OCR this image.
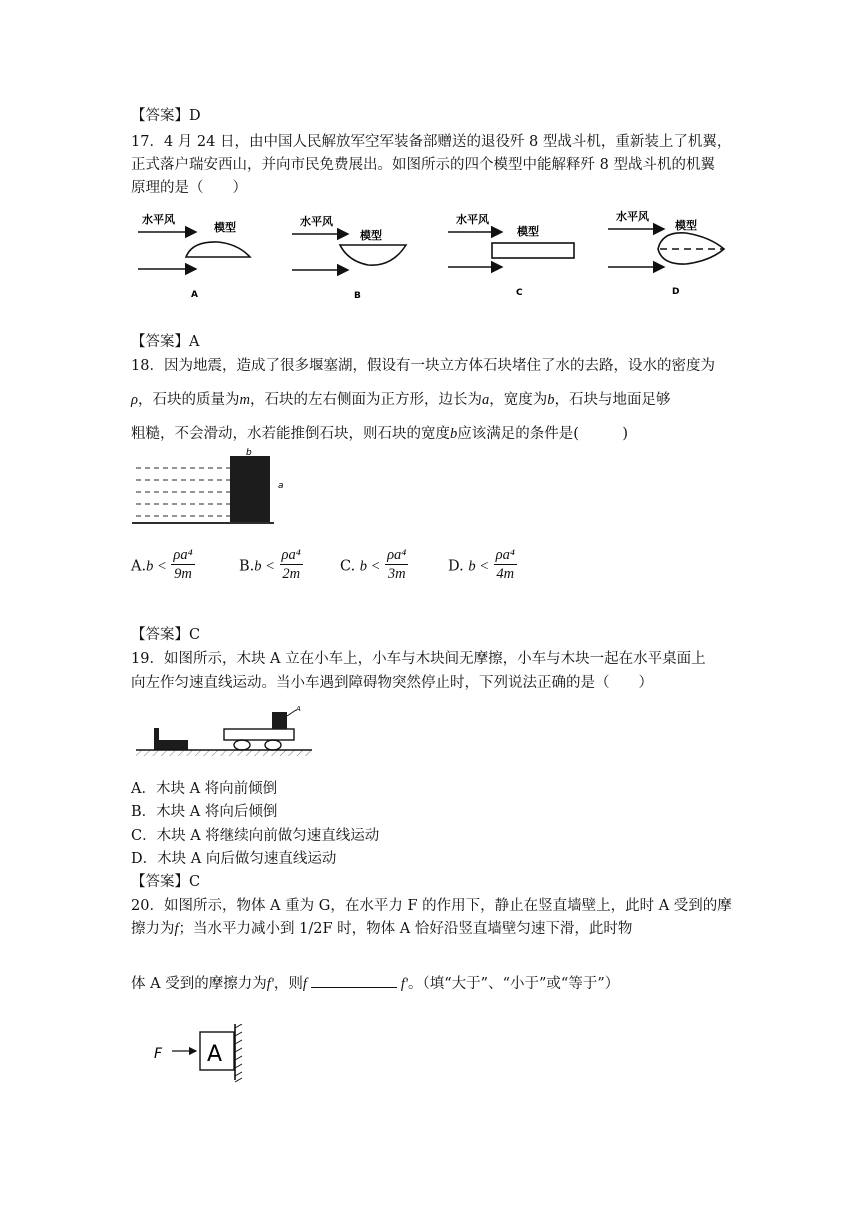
【答案】D
17．4 月 24 日，由中国人民解放军空军装备部赠送的退役歼 8 型战斗机，重新装上了机翼，
正式落户瑞安西山，并向市民免费展出。如图所示的四个模型中能解释歼 8 型战斗机的机翼
原理的是（　　）
水平风
模型
A
水平风
模型
B
水平风
模型
C
水平风
模型
D
【答案】A
18．因为地震，造成了很多堰塞湖，假设有一块立方体石块堵住了水的去路，设水的密度为
ρ，石块的质量为m，石块的左右侧面为正方形，边长为a，宽度为b，石块与地面足够
粗糙，不会滑动，水若能推倒石块，则石块的宽度b应该满足的条件是(　　　)
b
a
$A.b < \frac{\text{ρa⁴}}{9m}$	$B.b < \frac{\text{ρa⁴}}{2m}$	C. $b < \frac{\text{ρa⁴}}{3m}$	D. $b < \frac{\text{ρa⁴}}{4m}$
【答案】C
19．如图所示，木块 A 立在小车上，小车与木块间无摩擦，小车与木块一起在水平桌面上
向左作匀速直线运动。当小车遇到障碍物突然停止时，下列说法正确的是（　　）
A
A．木块 A 将向前倾倒
B．木块 A 将向后倾倒
C．木块 A 将继续向前做匀速直线运动
D．木块 A 向后做匀速直线运动
【答案】C
20．如图所示，物体 A 重为 G，在水平力 F 的作用下，静止在竖直墙壁上，此时 A 受到的摩
擦力为f；当水平力减小到 1/2F 时，物体 A 恰好沿竖直墙壁匀速下滑，此时物
体 A 受到的摩擦力为f'，则f	f'。（填“大于”、“小于”或“等于”）
F A
